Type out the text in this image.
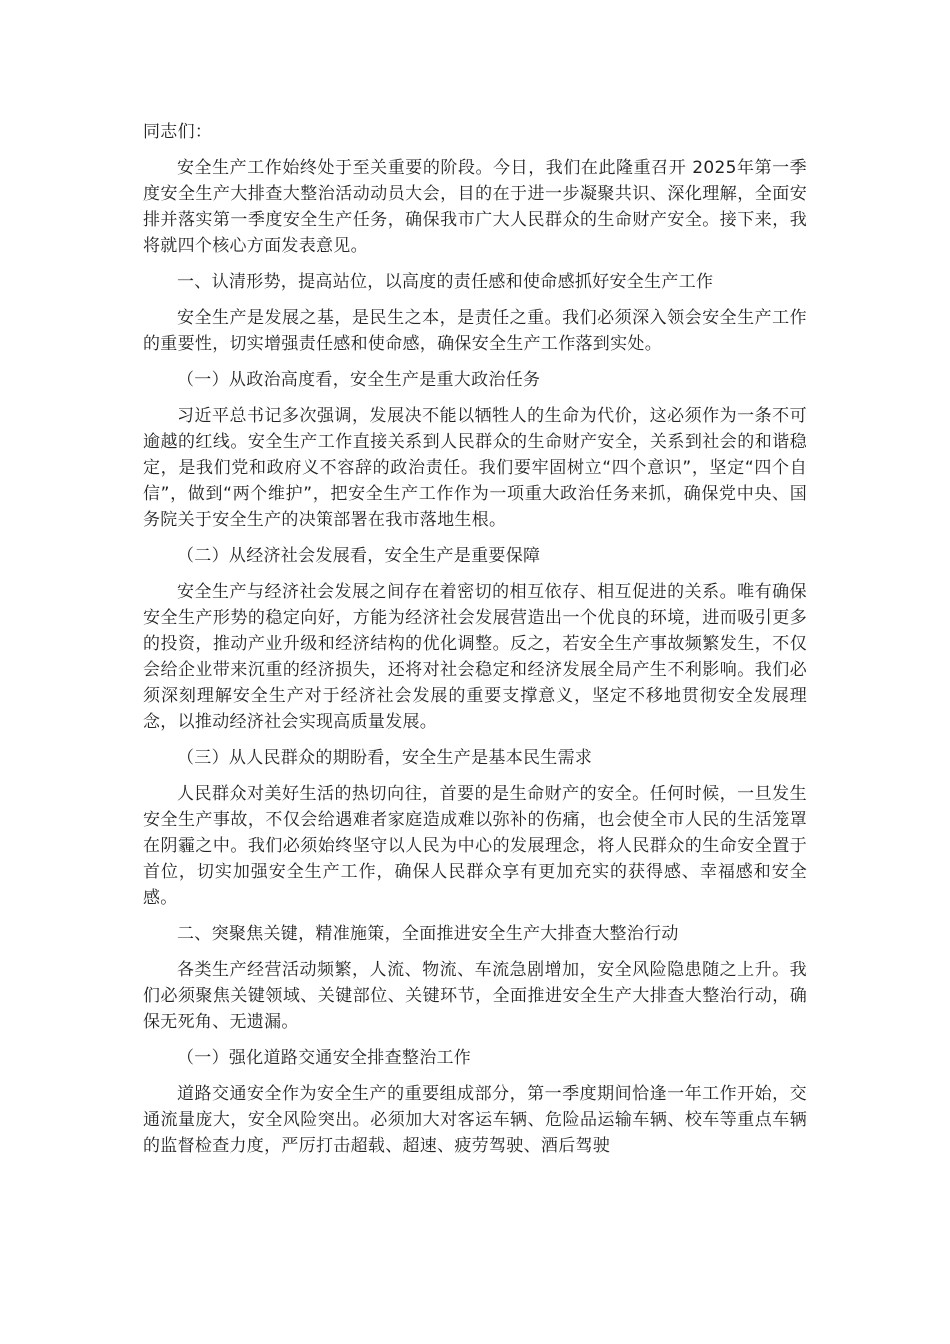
同志们：

安全生产工作始终处于至关重要的阶段。今日，我们在此隆重召开 2025年第一季度安全生产大排查大整治活动动员大会，目的在于进一步凝聚共识、深化理解，全面安排并落实第一季度安全生产任务，确保我市广大人民群众的生命财产安全。接下来，我将就四个核心方面发表意见。

一、认清形势，提高站位，以高度的责任感和使命感抓好安全生产工作

安全生产是发展之基，是民生之本，是责任之重。我们必须深入领会安全生产工作的重要性，切实增强责任感和使命感，确保安全生产工作落到实处。

（一）从政治高度看，安全生产是重大政治任务

习近平总书记多次强调，发展决不能以牺牲人的生命为代价，这必须作为一条不可逾越的红线。安全生产工作直接关系到人民群众的生命财产安全，关系到社会的和谐稳定，是我们党和政府义不容辞的政治责任。我们要牢固树立“四个意识”，坚定“四个自信”，做到“两个维护”，把安全生产工作作为一项重大政治任务来抓，确保党中央、国务院关于安全生产的决策部署在我市落地生根。

（二）从经济社会发展看，安全生产是重要保障

安全生产与经济社会发展之间存在着密切的相互依存、相互促进的关系。唯有确保安全生产形势的稳定向好，方能为经济社会发展营造出一个优良的环境，进而吸引更多的投资，推动产业升级和经济结构的优化调整。反之，若安全生产事故频繁发生，不仅会给企业带来沉重的经济损失，还将对社会稳定和经济发展全局产生不利影响。我们必须深刻理解安全生产对于经济社会发展的重要支撑意义，坚定不移地贯彻安全发展理念，以推动经济社会实现高质量发展。

（三）从人民群众的期盼看，安全生产是基本民生需求

人民群众对美好生活的热切向往，首要的是生命财产的安全。任何时候，一旦发生安全生产事故，不仅会给遇难者家庭造成难以弥补的伤痛，也会使全市人民的生活笼罩在阴霾之中。我们必须始终坚守以人民为中心的发展理念，将人民群众的生命安全置于首位，切实加强安全生产工作，确保人民群众享有更加充实的获得感、幸福感和安全感。

二、突聚焦关键，精准施策，全面推进安全生产大排查大整治行动

各类生产经营活动频繁，人流、物流、车流急剧增加，安全风险隐患随之上升。我们必须聚焦关键领域、关键部位、关键环节，全面推进安全生产大排查大整治行动，确保无死角、无遗漏。

（一）强化道路交通安全排查整治工作

道路交通安全作为安全生产的重要组成部分，第一季度期间恰逢一年工作开始，交通流量庞大，安全风险突出。必须加大对客运车辆、危险品运输车辆、校车等重点车辆的监督检查力度，严厉打击超载、超速、疲劳驾驶、酒后驾驶
